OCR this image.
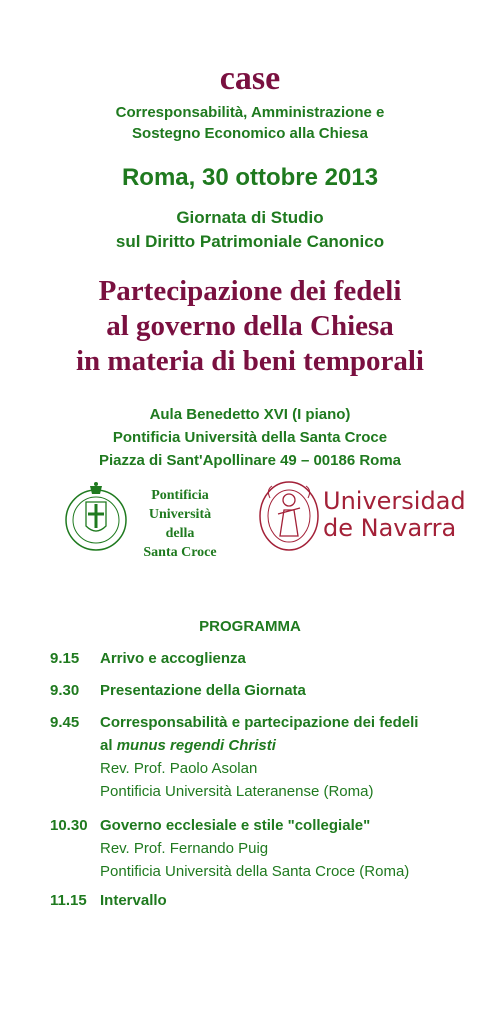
case
Corresponsabilità, Amministrazione e
Sostegno Economico alla Chiesa
Roma, 30 ottobre 2013
Giornata di Studio
sul Diritto Patrimoniale Canonico
Partecipazione dei fedeli
al governo della Chiesa
in materia di beni temporali
Aula Benedetto XVI (I piano)
Pontificia Università della Santa Croce
Piazza di Sant'Apollinare 49 – 00186 Roma
Pontificia
Università
della
Santa Croce
Universidad
de Navarra
PROGRAMMA
9.15	Arrivo e accoglienza
9.30	Presentazione della Giornata
9.45	Corresponsabilità e partecipazione dei fedeli
al munus regendi Christi
Rev. Prof. Paolo Asolan
Pontificia Università Lateranense (Roma)
10.30 Governo ecclesiale e stile "collegiale"
Rev. Prof. Fernando Puig
Pontificia Università della Santa Croce (Roma)
11.15 Intervallo
